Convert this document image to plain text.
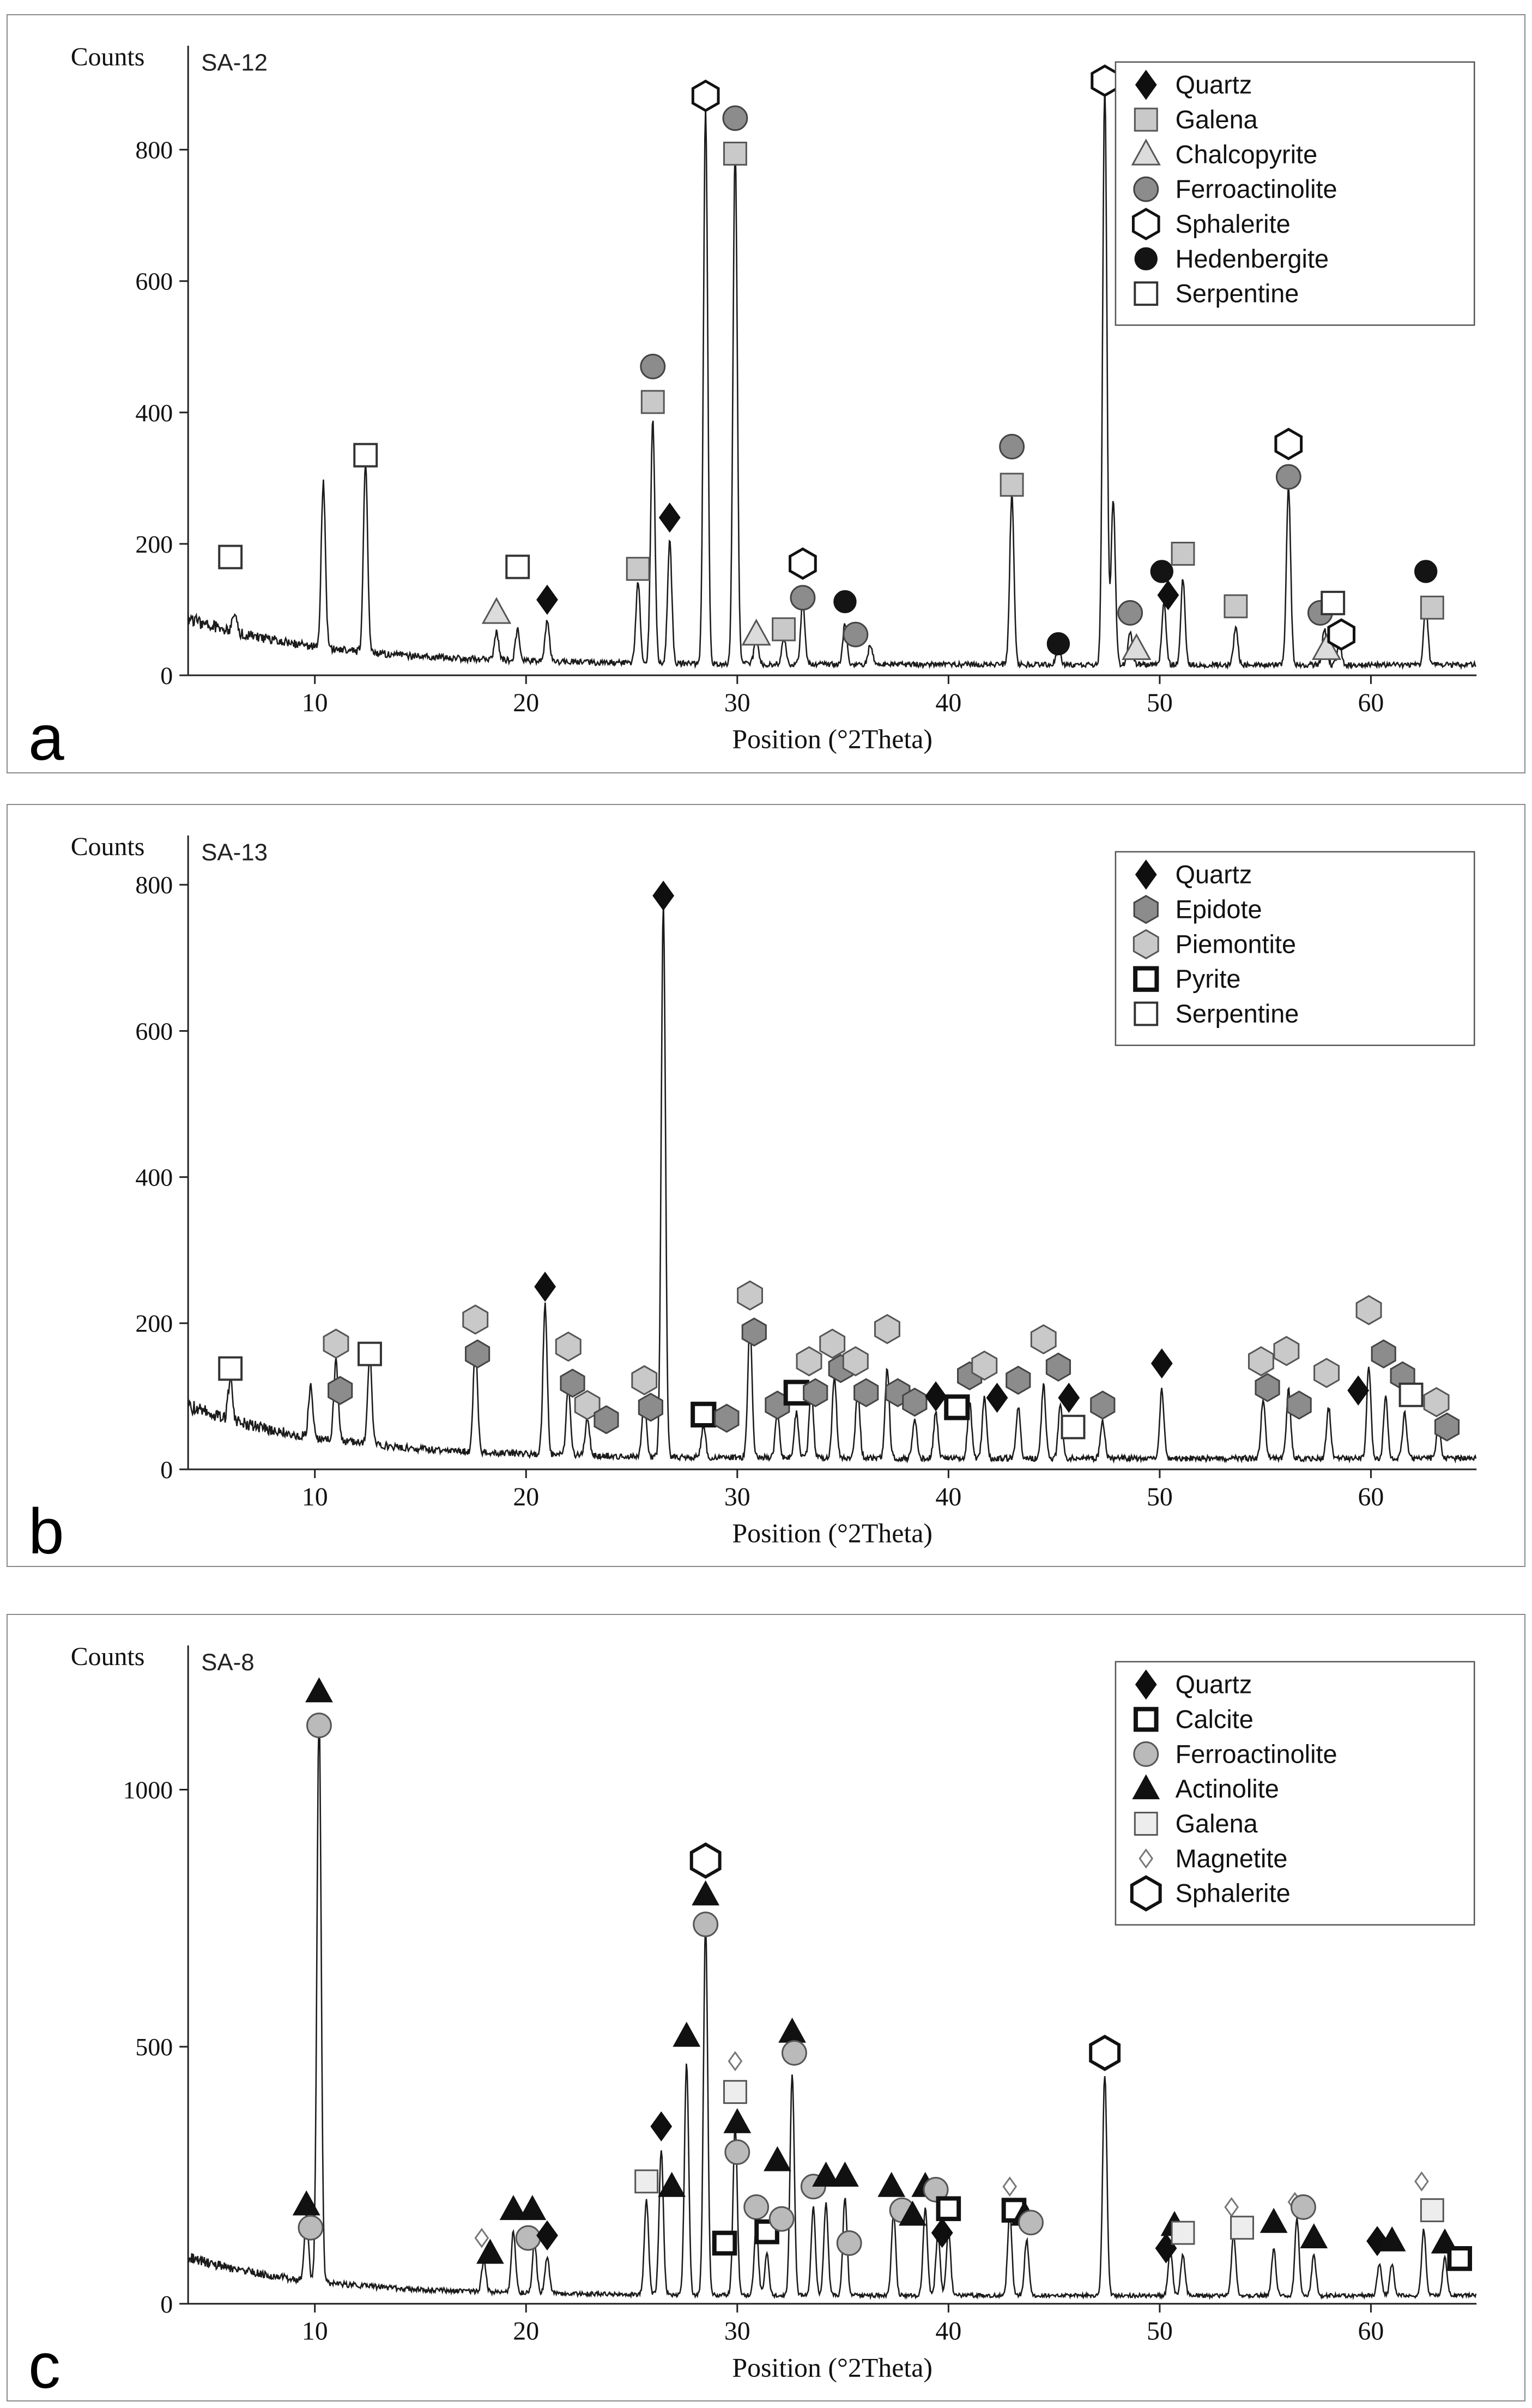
0
200
400
600
800
10	20	30	40	50	60
Position (°2Theta)
Counts SA-12
Quartz
Galena
Chalcopyrite
Ferroactinolite
Sphalerite
Hedenbergite
Serpentine
a
0
200
400
600
800
10	20	30	40	50	60
Position (°2Theta)
Counts SA-13
Quartz
Epidote
Piemontite
Pyrite
Serpentine
b
0
500
1000
10	20	30	40	50	60
Position (°2Theta)
Counts SA-8
Quartz
Calcite
Ferroactinolite
Actinolite
Galena
Magnetite
Sphalerite
c
